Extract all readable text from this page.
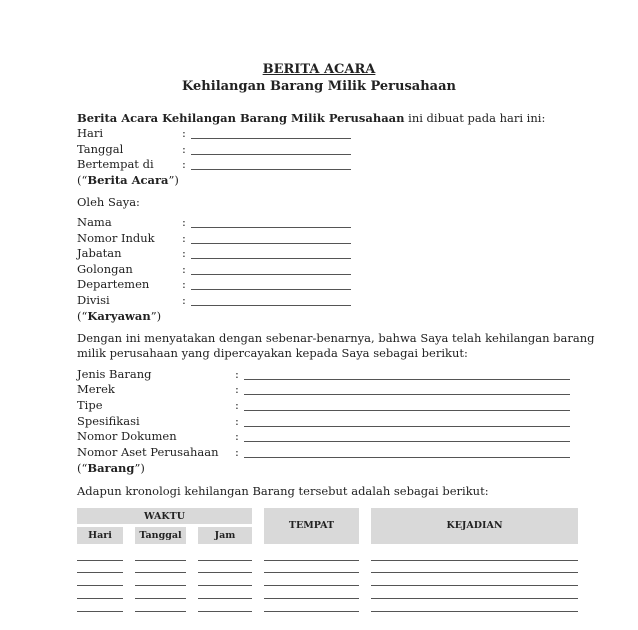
BERITA ACARA
Kehilangan Barang Milik Perusahaan
Berita Acara Kehilangan Barang Milik Perusahaan ini dibuat pada hari ini:
Hari	:
Tanggal	:
Bertempat di :
(“Berita Acara”)
Oleh Saya:
Nama	:
Nomor Induk :
Jabatan	:
Golongan	:
Departemen	:
Divisi	:
(“Karyawan”)
Dengan ini menyatakan dengan sebenar-benarnya, bahwa Saya telah kehilangan barang
milik perusahaan yang dipercayakan kepada Saya sebagai berikut:
Jenis Barang	:
Merek	:
Tipe	:
Spesifikasi	:
Nomor Dokumen	:
Nomor Aset Perusahaan :
(“Barang”)
Adapun kronologi kehilangan Barang tersebut adalah sebagai berikut:
WAKTU
Hari	Tanggal	Jam
TEMPAT	KEJADIAN
